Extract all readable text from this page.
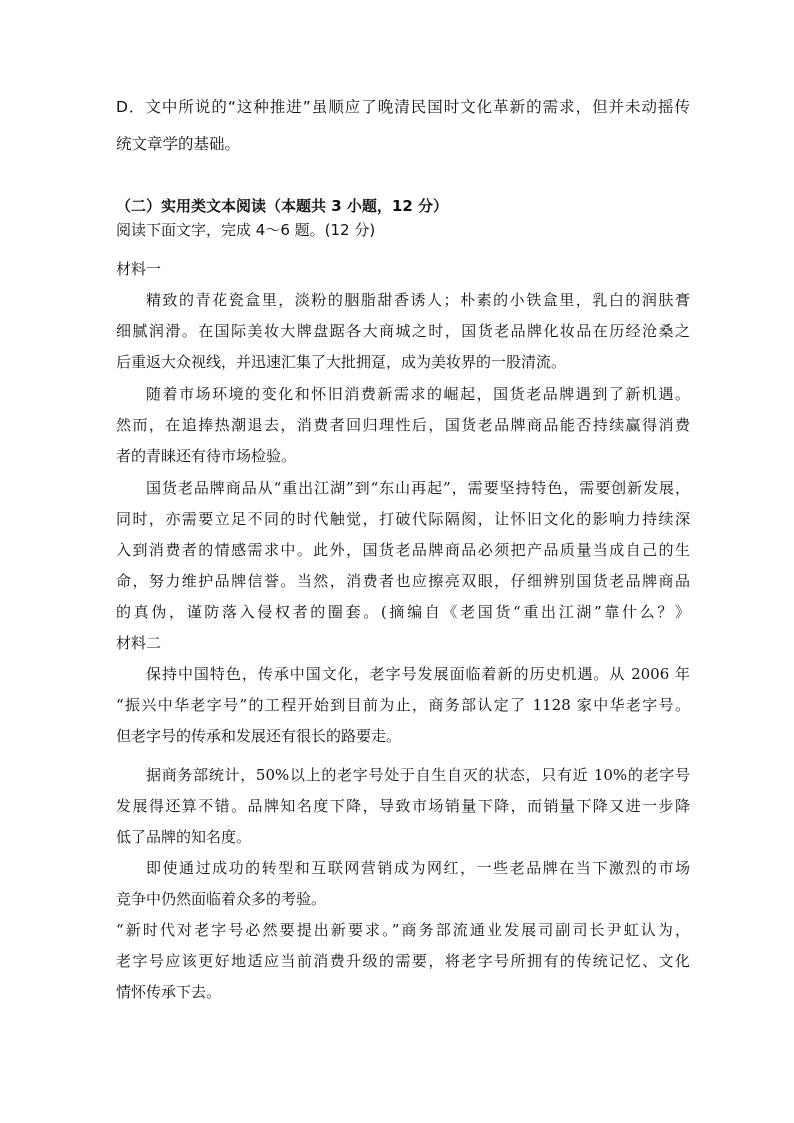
D．文中所说的“这种推进”虽顺应了晚清民国时文化革新的需求，但并未动摇传
统文章学的基础。
（二）实用类文本阅读（本题共 3 小题，12 分）
阅读下面文字，完成 4～6 题。(12 分)
材料一
精致的青花瓷盒里，淡粉的胭脂甜香诱人；朴素的小铁盒里，乳白的润肤膏
细腻润滑。在国际美妆大牌盘踞各大商城之时，国货老品牌化妆品在历经沧桑之
后重返大众视线，并迅速汇集了大批拥趸，成为美妆界的一股清流。
随着市场环境的变化和怀旧消费新需求的崛起，国货老品牌遇到了新机遇。
然而，在追捧热潮退去，消费者回归理性后，国货老品牌商品能否持续赢得消费
者的青睐还有待市场检验。
国货老品牌商品从“重出江湖”到“东山再起”，需要坚持特色，需要创新发展，
同时，亦需要立足不同的时代触觉，打破代际隔阂，让怀旧文化的影响力持续深
入到消费者的情感需求中。此外，国货老品牌商品必须把产品质量当成自己的生
命，努力维护品牌信誉。当然，消费者也应擦亮双眼，仔细辨别国货老品牌商品
的真伪，谨防落入侵权者的圈套。(摘编自《老国货“重出江湖”靠什么？》
材料二
保持中国特色，传承中国文化，老字号发展面临着新的历史机遇。从 2006 年
“振兴中华老字号”的工程开始到目前为止，商务部认定了 1128 家中华老字号。
但老字号的传承和发展还有很长的路要走。
据商务部统计，50%以上的老字号处于自生自灭的状态，只有近 10%的老字号
发展得还算不错。品牌知名度下降，导致市场销量下降，而销量下降又进一步降
低了品牌的知名度。
即使通过成功的转型和互联网营销成为网红，一些老品牌在当下激烈的市场
竞争中仍然面临着众多的考验。
“新时代对老字号必然要提出新要求。”商务部流通业发展司副司长尹虹认为，
老字号应该更好地适应当前消费升级的需要，将老字号所拥有的传统记忆、文化
情怀传承下去。
